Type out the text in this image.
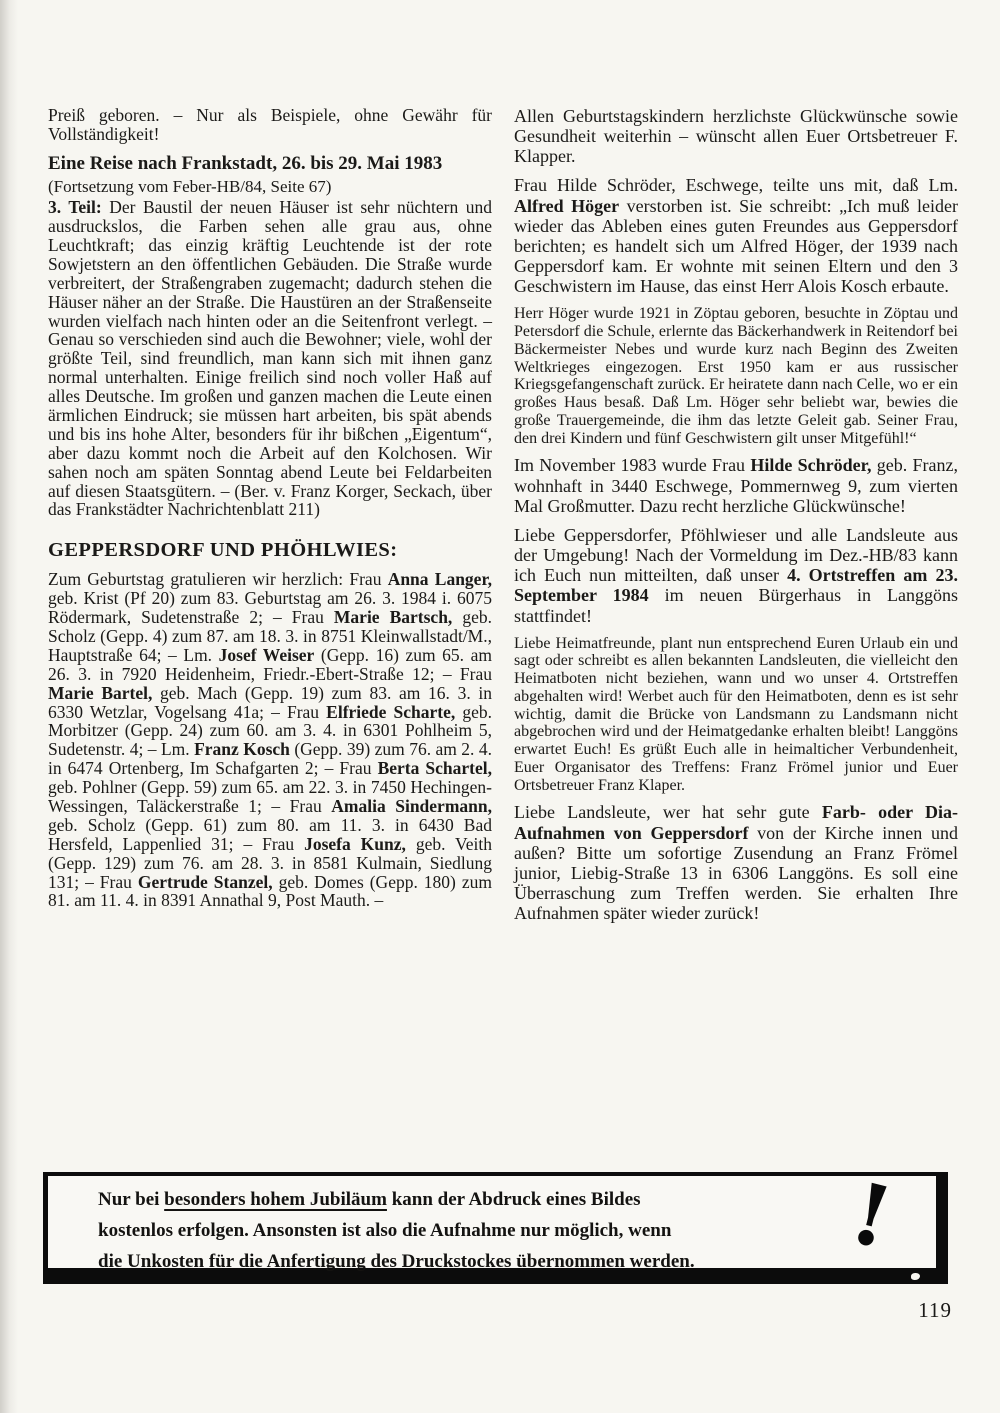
Preiß geboren. – Nur als Beispiele, ohne Gewähr für Vollständigkeit!

Eine Reise nach Frankstadt, 26. bis 29. Mai 1983

(Fortsetzung vom Feber-HB/84, Seite 67)

3. Teil: Der Baustil der neuen Häuser ist sehr nüchtern und ausdruckslos, die Farben sehen alle grau aus, ohne Leuchtkraft; das einzig kräftig Leuchtende ist der rote Sowjetstern an den öffentlichen Gebäuden. Die Straße wurde verbreitert, der Straßengraben zugemacht; dadurch stehen die Häuser näher an der Straße. Die Haustüren an der Straßenseite wurden vielfach nach hinten oder an die Seitenfront verlegt. – Genau so verschieden sind auch die Bewohner; viele, wohl der größte Teil, sind freundlich, man kann sich mit ihnen ganz normal unterhalten. Einige freilich sind noch voller Haß auf alles Deutsche. Im großen und ganzen machen die Leute einen ärmlichen Eindruck; sie müssen hart arbeiten, bis spät abends und bis ins hohe Alter, besonders für ihr bißchen „Eigentum“, aber dazu kommt noch die Arbeit auf den Kolchosen. Wir sahen noch am späten Sonntag abend Leute bei Feldarbeiten auf diesen Staatsgütern. – (Ber. v. Franz Korger, Seckach, über das Frankstädter Nachrichtenblatt 211)

GEPPERSDORF UND PHÖHLWIES:

Zum Geburtstag gratulieren wir herzlich: Frau Anna Langer, geb. Krist (Pf 20) zum 83. Geburtstag am 26. 3. 1984 i. 6075 Rödermark, Sudetenstraße 2; – Frau Marie Bartsch, geb. Scholz (Gepp. 4) zum 87. am 18. 3. in 8751 Kleinwallstadt/M., Hauptstraße 64; – Lm. Josef Weiser (Gepp. 16) zum 65. am 26. 3. in 7920 Heidenheim, Friedr.-Ebert-Straße 12; – Frau Marie Bartel, geb. Mach (Gepp. 19) zum 83. am 16. 3. in 6330 Wetzlar, Vogelsang 41a; – Frau Elfriede Scharte, geb. Morbitzer (Gepp. 24) zum 60. am 3. 4. in 6301 Pohlheim 5, Sudetenstr. 4; – Lm. Franz Kosch (Gepp. 39) zum 76. am 2. 4. in 6474 Ortenberg, Im Schafgarten 2; – Frau Berta Schartel, geb. Pohlner (Gepp. 59) zum 65. am 22. 3. in 7450 Hechingen-Wessingen, Taläckerstraße 1; – Frau Amalia Sindermann, geb. Scholz (Gepp. 61) zum 80. am 11. 3. in 6430 Bad Hersfeld, Lappenlied 31; – Frau Josefa Kunz, geb. Veith (Gepp. 129) zum 76. am 28. 3. in 8581 Kulmain, Siedlung 131; – Frau Gertrude Stanzel, geb. Domes (Gepp. 180) zum 81. am 11. 4. in 8391 Annathal 9, Post Mauth. –

Allen Geburtstagskindern herzlichste Glückwünsche sowie Gesundheit weiterhin – wünscht allen Euer Ortsbetreuer F. Klapper.

Frau Hilde Schröder, Eschwege, teilte uns mit, daß Lm. Alfred Höger verstorben ist. Sie schreibt: „Ich muß leider wieder das Ableben eines guten Freundes aus Geppersdorf berichten; es handelt sich um Alfred Höger, der 1939 nach Geppersdorf kam. Er wohnte mit seinen Eltern und den 3 Geschwistern im Hause, das einst Herr Alois Kosch erbaute.

Herr Höger wurde 1921 in Zöptau geboren, besuchte in Zöptau und Petersdorf die Schule, erlernte das Bäckerhandwerk in Reitendorf bei Bäckermeister Nebes und wurde kurz nach Beginn des Zweiten Weltkrieges eingezogen. Erst 1950 kam er aus russischer Kriegsgefangenschaft zurück. Er heiratete dann nach Celle, wo er ein großes Haus besaß. Daß Lm. Höger sehr beliebt war, bewies die große Trauergemeinde, die ihm das letzte Geleit gab. Seiner Frau, den drei Kindern und fünf Geschwistern gilt unser Mitgefühl!“

Im November 1983 wurde Frau Hilde Schröder, geb. Franz, wohnhaft in 3440 Eschwege, Pommernweg 9, zum vierten Mal Großmutter. Dazu recht herzliche Glückwünsche!

Liebe Geppersdorfer, Pföhlwieser und alle Landsleute aus der Umgebung! Nach der Vormeldung im Dez.-HB/83 kann ich Euch nun mitteilten, daß unser 4. Ortstreffen am 23. September 1984 im neuen Bürgerhaus in Langgöns stattfindet!

Liebe Heimatfreunde, plant nun entsprechend Euren Urlaub ein und sagt oder schreibt es allen bekannten Landsleuten, die vielleicht den Heimatboten nicht beziehen, wann und wo unser 4. Ortstreffen abgehalten wird! Werbet auch für den Heimatboten, denn es ist sehr wichtig, damit die Brücke von Landsmann zu Landsmann nicht abgebrochen wird und der Heimatgedanke erhalten bleibt! Langgöns erwartet Euch! Es grüßt Euch alle in heimalticher Verbundenheit, Euer Organisator des Treffens: Franz Frömel junior und Euer Ortsbetreuer Franz Klaper.

Liebe Landsleute, wer hat sehr gute Farb- oder Dia-Aufnahmen von Geppersdorf von der Kirche innen und außen? Bitte um sofortige Zusendung an Franz Frömel junior, Liebig-Straße 13 in 6306 Langgöns. Es soll eine Überraschung zum Treffen werden. Sie erhalten Ihre Aufnahmen später wieder zurück!

Nur bei besonders hohem Jubiläum kann der Abdruck eines Bildes
kostenlos erfolgen. Ansonsten ist also die Aufnahme nur möglich, wenn
die Unkosten für die Anfertigung des Druckstockes übernommen werden.	!
119
